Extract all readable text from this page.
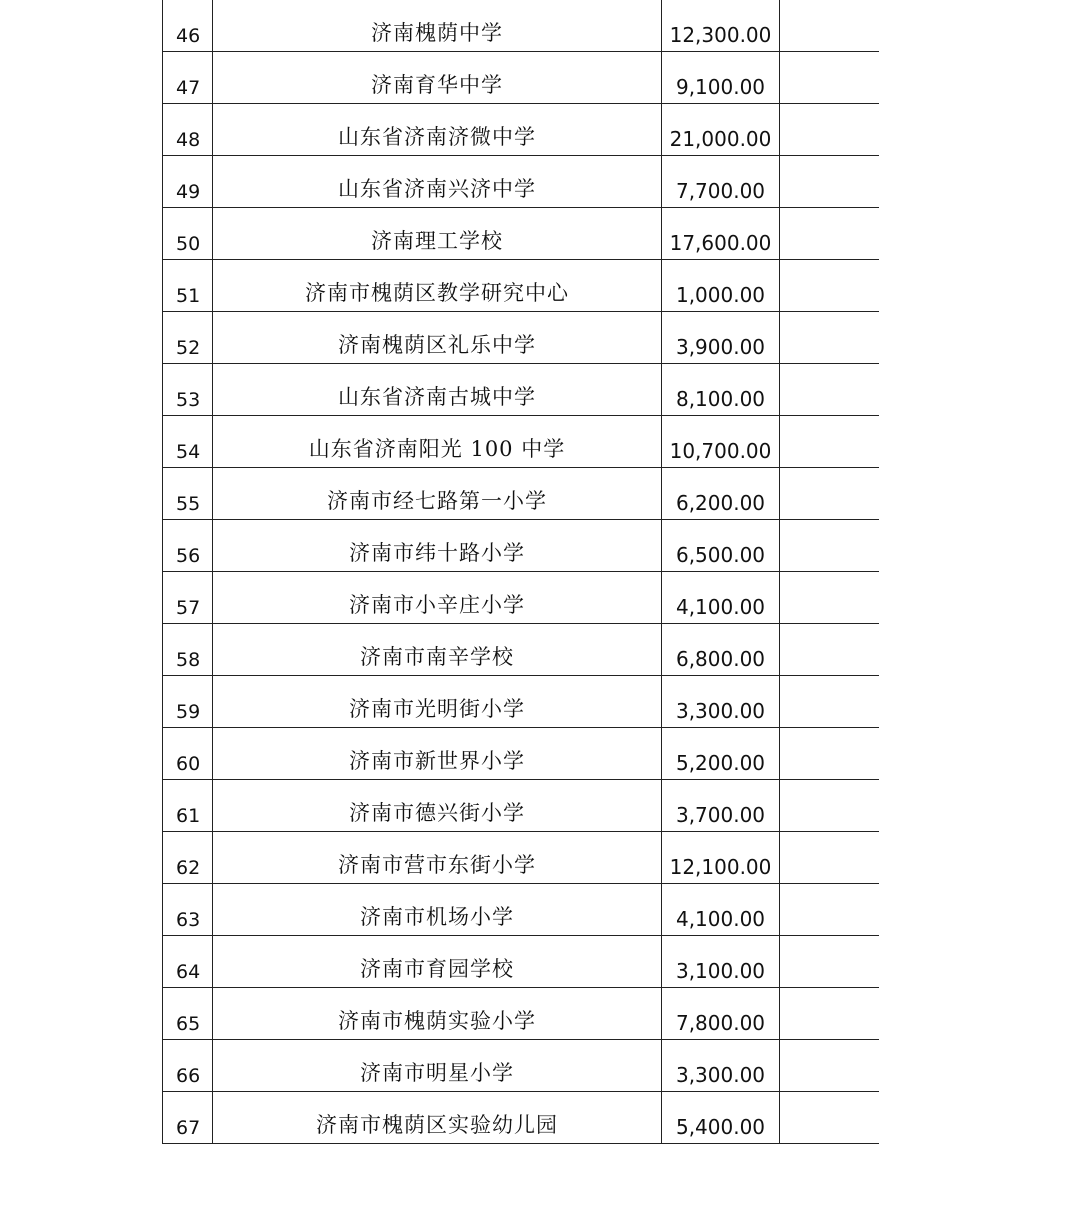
46	济南槐荫中学	12,300.00	
47	济南育华中学	9,100.00	
48	山东省济南济微中学	21,000.00	
49	山东省济南兴济中学	7,700.00	
50	济南理工学校	17,600.00	
51	济南市槐荫区教学研究中心	1,000.00	
52	济南槐荫区礼乐中学	3,900.00	
53	山东省济南古城中学	8,100.00	
54	山东省济南阳光 100 中学	10,700.00	
55	济南市经七路第一小学	6,200.00	
56	济南市纬十路小学	6,500.00	
57	济南市小辛庄小学	4,100.00	
58	济南市南辛学校	6,800.00	
59	济南市光明街小学	3,300.00	
60	济南市新世界小学	5,200.00	
61	济南市德兴街小学	3,700.00	
62	济南市营市东街小学	12,100.00	
63	济南市机场小学	4,100.00	
64	济南市育园学校	3,100.00	
65	济南市槐荫实验小学	7,800.00	
66	济南市明星小学	3,300.00	
67	济南市槐荫区实验幼儿园	5,400.00	
